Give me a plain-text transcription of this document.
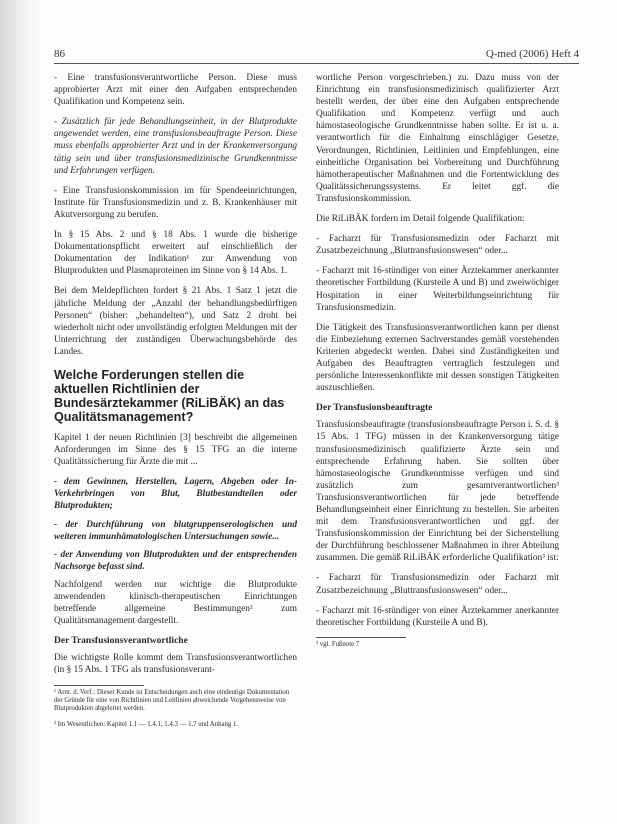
86	Q-med (2006) Heft 4

- Eine transfusionsverantwortliche Person. Diese muss approbierter Arzt mit einer den Aufgaben entsprechenden Qualifikation und Kompetenz sein.

- Zusätzlich für jede Behandlungseinheit, in der Blutprodukte angewendet werden, eine transfusionsbeauftragte Person. Diese muss ebenfalls approbierter Arzt und in der Krankenversorgung tätig sein und über transfusionsmedizinische Grundkenntnisse und Erfahrungen verfügen.

- Eine Transfusionskommission im für Spendeeinrichtungen, Institute für Transfusionsmedizin und z. B. Krankenhäuser mit Akutversorgung zu berufen.

In § 15 Abs. 2 und § 18 Abs. 1 wurde die bisherige Dokumentationspflicht erweitert auf einschließlich der Dokumentation der Indikation¹ zur Anwendung von Blutprodukten und Plasmaproteinen im Sinne von § 14 Abs. 1.

Bei dem Meldepflichten fordert § 21 Abs. 1 Satz 1 jetzt die jährliche Meldung der „Anzahl der behandlungsbedürftigen Personen“ (bisher: „behandelten“), und Satz 2 droht bei wiederholt nicht oder unvollständig erfolgten Meldungen mit der Unterrichtung der zuständigen Überwachungsbehörde des Landes.

Welche Forderungen stellen die aktuellen Richtlinien der Bundesärztekammer (RiLiBÄK) an das Qualitätsmanagement?

Kapitel 1 der neuen Richtlinien [3] beschreibt die allgemeinen Anforderungen im Sinne des § 15 TFG an die interne Qualitätssicherung für Ärzte die mit ...

- dem Gewinnen, Herstellen, Lagern, Abgeben oder In-Verkehrbringen von Blut, Blutbestandteilen oder Blutprodukten;

- der Durchführung von blutgruppenserologischen und weiteren immunhämatologischen Untersuchungen sowie...

- der Anwendung von Blutprodukten und der entsprechenden Nachsorge befasst sind.

Nachfolgend werden nur wichtige die Blutprodukte anwendenden klinisch-therapeutischen Einrichtungen betreffende allgemeine Bestimmungen² zum Qualitätsmanagement dargestellt.

Der Transfusionsverantwortliche

Die wichtigste Rolle kommt dem Transfusionsverantwortlichen (in § 15 Abs. 1 TFG als transfusionsverant-

¹ Arnt. d. Verf.: Dieser Kunde ist Entscheidungen auch eine eindeutige Dokumentation der Gründe für eine von Richtlinien und Leitlinien abweichende Vorgehensweise von Blutprodukten abgeleitet werden.

² Im Wesentlichen: Kapitel 1.1 — 1.4.1, 1.4.3 — 1.7 und Anhang 1.

wortliche Person vorgeschrieben.) zu. Dazu muss von der Einrichtung ein transfusionsmedizinisch qualifizierter Arzt bestellt werden, der über eine den Aufgaben entsprechende Qualifikation und Kompetenz verfügt und auch hämostaseologische Grundkenntnisse haben sollte. Er ist u. a. verantwortlich für die Einhaltung einschlägiger Gesetze, Verordnungen, Richtlinien, Leitlinien und Empfehlungen, eine einheitliche Organisation bei Vorbereitung und Durchführung hämotherapeutischer Maßnahmen und die Fortentwicklung des Qualitätssicherungssystems. Er leitet ggf. die Transfusionskommission.

Die RiLiBÄK fordern im Detail folgende Qualifikation:

- Facharzt für Transfusionsmedizin oder Facharzt mit Zusatzbezeichnung „Bluttransfusionswesen“ oder...

- Facharzt mit 16-stündiger von einer Ärztekammer anerkannter theoretischer Fortbildung (Kursteile A und B) und zweiwöchiger Hospitation in einer Weiterbildungseinrichtung für Transfusionsmedizin.

Die Tätigkeit des Transfusionsverantwortlichen kann per dienst die Einbeziehung externen Sachverstandes gemäß vorstehenden Kriterien abgedeckt werden. Dabei sind Zuständigkeiten und Aufgaben des Beauftragten vertraglich festzulegen und persönliche Interessenkonflikte mit dessen sonstigen Tätigkeiten auszuschließen.

Der Transfusionsbeauftragte

Transfusionsbeauftragte (transfusionsbeauftragte Person i. S. d. § 15 Abs. 1 TFG) müssen in der Krankenversorgung tätige transfusionsmedizinisch qualifizierte Ärzte sein und entsprechende Erfahrung haben. Sie sollten über hämostaseologische Grundkenntnisse verfügen und sind zusätzlich zum gesamtverantwortlichen³ Transfusionsverantwortlichen für jede betreffende Behandlungseinheit einer Einrichtung zu bestellen. Sie arbeiten mit dem Transfusionsverantwortlichen und ggf. der Transfusionskommission der Einrichtung bei der Sicherstellung der Durchführung beschlossener Maßnahmen in ihrer Abteilung zusammen. Die gemäß RiLiBÄK erforderliche Qualifikation³ ist:

- Facharzt für Transfusionsmedizin oder Facharzt mit Zusatzbezeichnung „Bluttransfusionswesen“ oder...

- Facharzt mit 16-stündiger von einer Ärztekammer anerkannter theoretischer Fortbildung (Kursteile A und B).

³ vgl. Fußnote 7
